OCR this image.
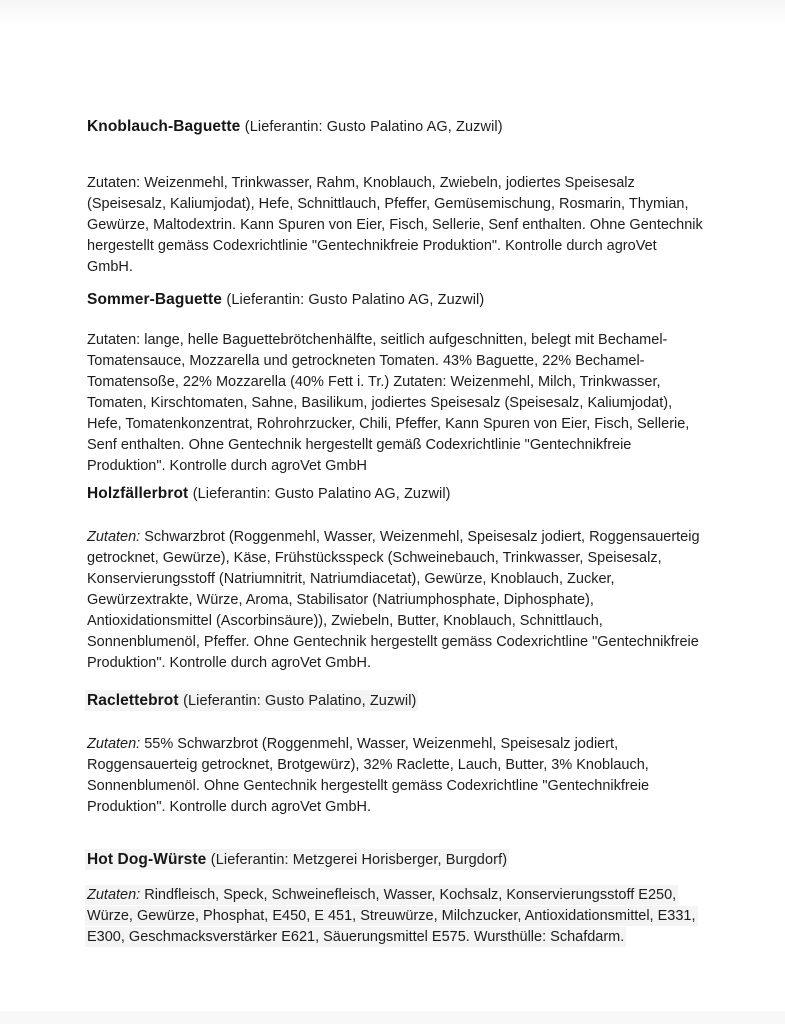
Knoblauch-Baguette (Lieferantin: Gusto Palatino AG, Zuzwil)

Zutaten: Weizenmehl, Trinkwasser, Rahm, Knoblauch, Zwiebeln, jodiertes Speisesalz (Speisesalz, Kaliumjodat), Hefe, Schnittlauch, Pfeffer, Gemüsemischung, Rosmarin, Thymian, Gewürze, Maltodextrin. Kann Spuren von Eier, Fisch, Sellerie, Senf enthalten. Ohne Gentechnik hergestellt gemäss Codexrichtlinie "Gentechnikfreie Produktion". Kontrolle durch agroVet GmbH.

Sommer-Baguette (Lieferantin: Gusto Palatino AG, Zuzwil)

Zutaten: lange, helle Baguettebrötchenhälfte, seitlich aufgeschnitten, belegt mit Bechamel-Tomatensauce, Mozzarella und getrockneten Tomaten. 43% Baguette, 22% Bechamel-Tomatensoße, 22% Mozzarella (40% Fett i. Tr.) Zutaten: Weizenmehl, Milch, Trinkwasser, Tomaten, Kirschtomaten, Sahne, Basilikum, jodiertes Speisesalz (Speisesalz, Kaliumjodat), Hefe, Tomatenkonzentrat, Rohrohrzucker, Chili, Pfeffer, Kann Spuren von Eier, Fisch, Sellerie, Senf enthalten. Ohne Gentechnik hergestellt gemäß Codexrichtlinie "Gentechnikfreie Produktion". Kontrolle durch agroVet GmbH

Holzfällerbrot (Lieferantin: Gusto Palatino AG, Zuzwil)

Zutaten: Schwarzbrot (Roggenmehl, Wasser, Weizenmehl, Speisesalz jodiert, Roggensauerteig getrocknet, Gewürze), Käse, Frühstücksspeck (Schweinebauch, Trinkwasser, Speisesalz, Konservierungsstoff (Natriumnitrit, Natriumdiacetat), Gewürze, Knoblauch, Zucker, Gewürzextrakte, Würze, Aroma, Stabilisator (Natriumphosphate, Diphosphate), Antioxidationsmittel (Ascorbinsäure)), Zwiebeln, Butter, Knoblauch, Schnittlauch, Sonnenblumenöl, Pfeffer. Ohne Gentechnik hergestellt gemäss Codexrichtline "Gentechnikfreie Produktion". Kontrolle durch agroVet GmbH.

Raclettebrot (Lieferantin: Gusto Palatino, Zuzwil)

Zutaten: 55% Schwarzbrot (Roggenmehl, Wasser, Weizenmehl, Speisesalz jodiert, Roggensauerteig getrocknet, Brotgewürz), 32% Raclette, Lauch, Butter, 3% Knoblauch, Sonnenblumenöl. Ohne Gentechnik hergestellt gemäss Codexrichtline "Gentechnikfreie Produktion". Kontrolle durch agroVet GmbH.

Hot Dog-Würste (Lieferantin: Metzgerei Horisberger, Burgdorf)

Zutaten: Rindfleisch, Speck, Schweinefleisch, Wasser, Kochsalz, Konservierungsstoff E250, Würze, Gewürze, Phosphat, E450, E 451, Streuwürze, Milchzucker, Antioxidationsmittel, E331, E300, Geschmacksverstärker E621, Säuerungsmittel E575. Wursthülle: Schafdarm.
